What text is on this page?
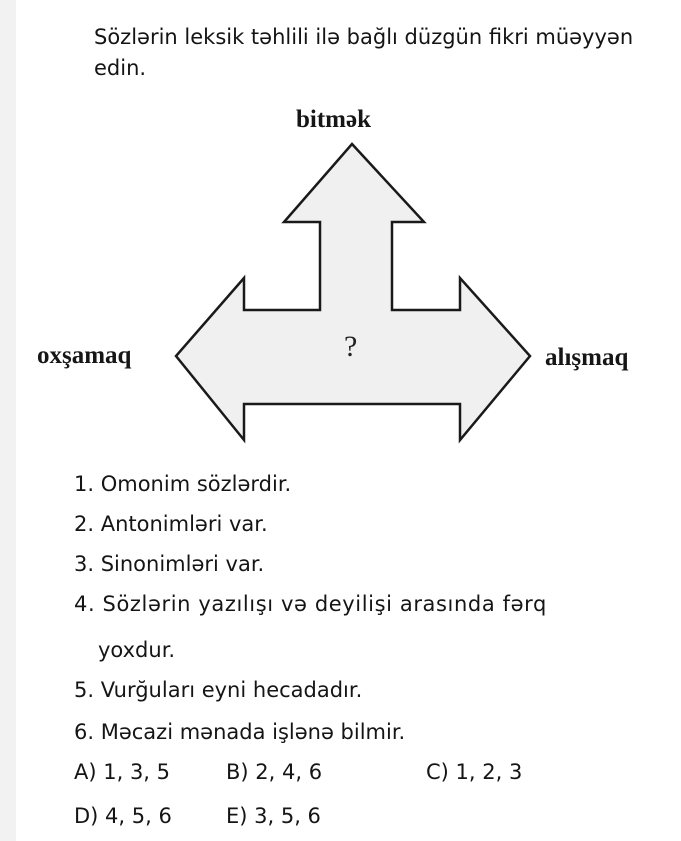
Sözlərin leksik təhlili ilə bağlı düzgün fikri müəyyən edin.
bitmək
oxşamaq	alışmaq
?
1. Omonim sözlərdir.
2. Antonimləri var.
3. Sinonimləri var.
4. Sözlərin yazılışı və deyilişi arasında fərq
yoxdur.
5. Vurğuları eyni hecadadır.
6. Məcazi mənada işlənə bilmir.
A) 1, 3, 5	B) 2, 4, 6	C) 1, 2, 3
D) 4, 5, 6	E) 3, 5, 6
